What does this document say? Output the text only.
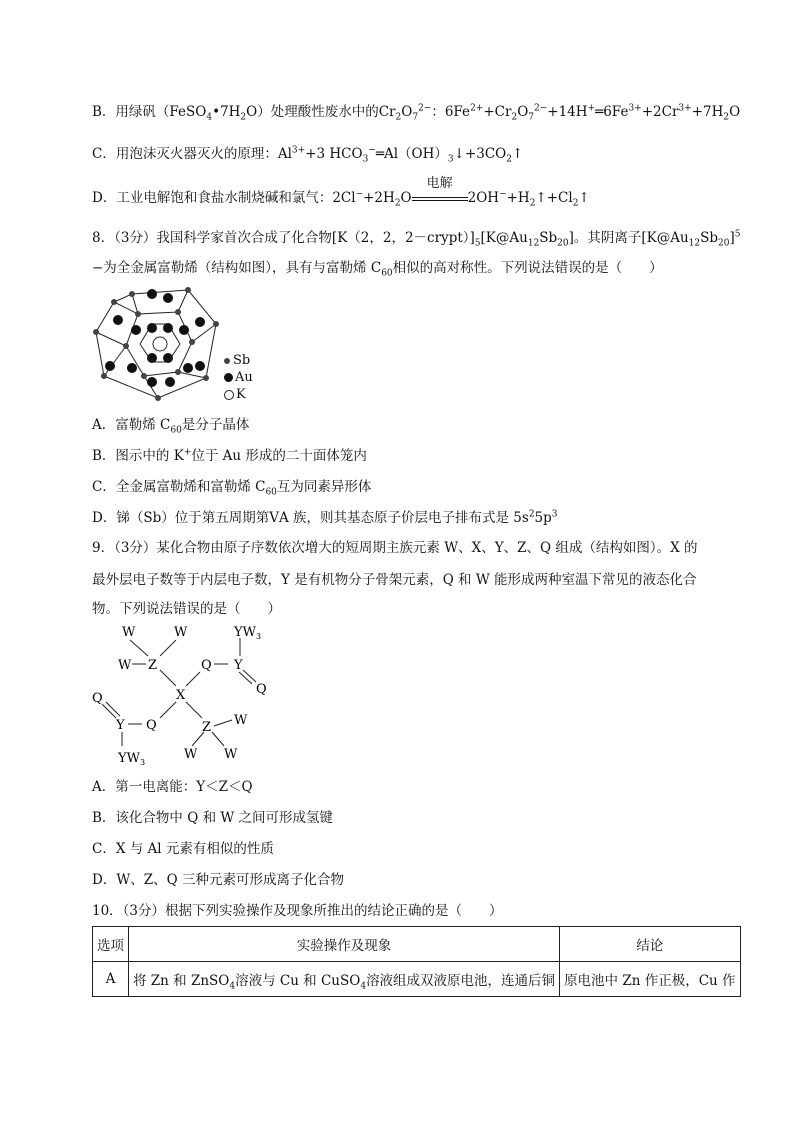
B．用绿矾$(FeSO_4•7H_2O)$处理酸性废水中的$Cr_2O_7^{2-}$：$6Fe^{2+}+Cr_2O_7^{2-}+14H^+═6Fe^{3+}+2Cr^{3+}+7H_2O$
C．用泡沫灭火器灭火的原理：$Al^{3+}+3$ $HCO_3^-═Al(OH)_3↓+3CO_2↑$
D．工业电解饱和食盐水制烧碱和氯气：$2Cl^-+2H_2O$
电解
$2OH^-+H_2↑+Cl_2↑$
8．（3分）我国科学家首次合成了化合物[K（2，2，$2-crypt)]_5[K@Au_{12}Sb_{20}]$。其阴离子$[K@Au_{12}Sb_{20}]^5$
−为全金属富勒烯（结构如图），具有与富勒烯 $C_{60}$相似的高对称性。下列说法错误的是（　　）
Sb
Au
K
A．富勒烯 $C_{60}$是分子晶体
B．图示中的 K+位于 Au 形成的二十面体笼内
C．全金属富勒烯和富勒烯 $C_{60}$互为同素异形体
D．锑（Sb）位于第五周期第ⅤA 族，则其基态原子价层电子排布式是 $5s^25p^3$
9．（3分）某化合物由原子序数依次增大的短周期主族元素 W、X、Y、Z、Q 组成（结构如图）。X 的
最外层电子数等于内层电子数，Y 是有机物分子骨架元素，Q 和 W 能形成两种室温下常见的液态化合
物。下列说法错误的是（　　）
W	W
W Z
X
Q Y
$YW_3$
Q
Q
Y Q	Z W
W W
$YW_3$
A．第一电离能：Y＜Z＜Q
B．该化合物中 Q 和 W 之间可形成氢键
C．X 与 Al 元素有相似的性质
D．W、Z、Q 三种元素可形成离子化合物
10．（3分）根据下列实验操作及现象所推出的结论正确的是（　　）
选项	实验操作及现象	结论
A	将 Zn 和 ZnSO$_4$溶液与 Cu 和 CuSO$_4$溶液组成双液原电池，连通后铜	原电池中 Zn 作正极，Cu 作
